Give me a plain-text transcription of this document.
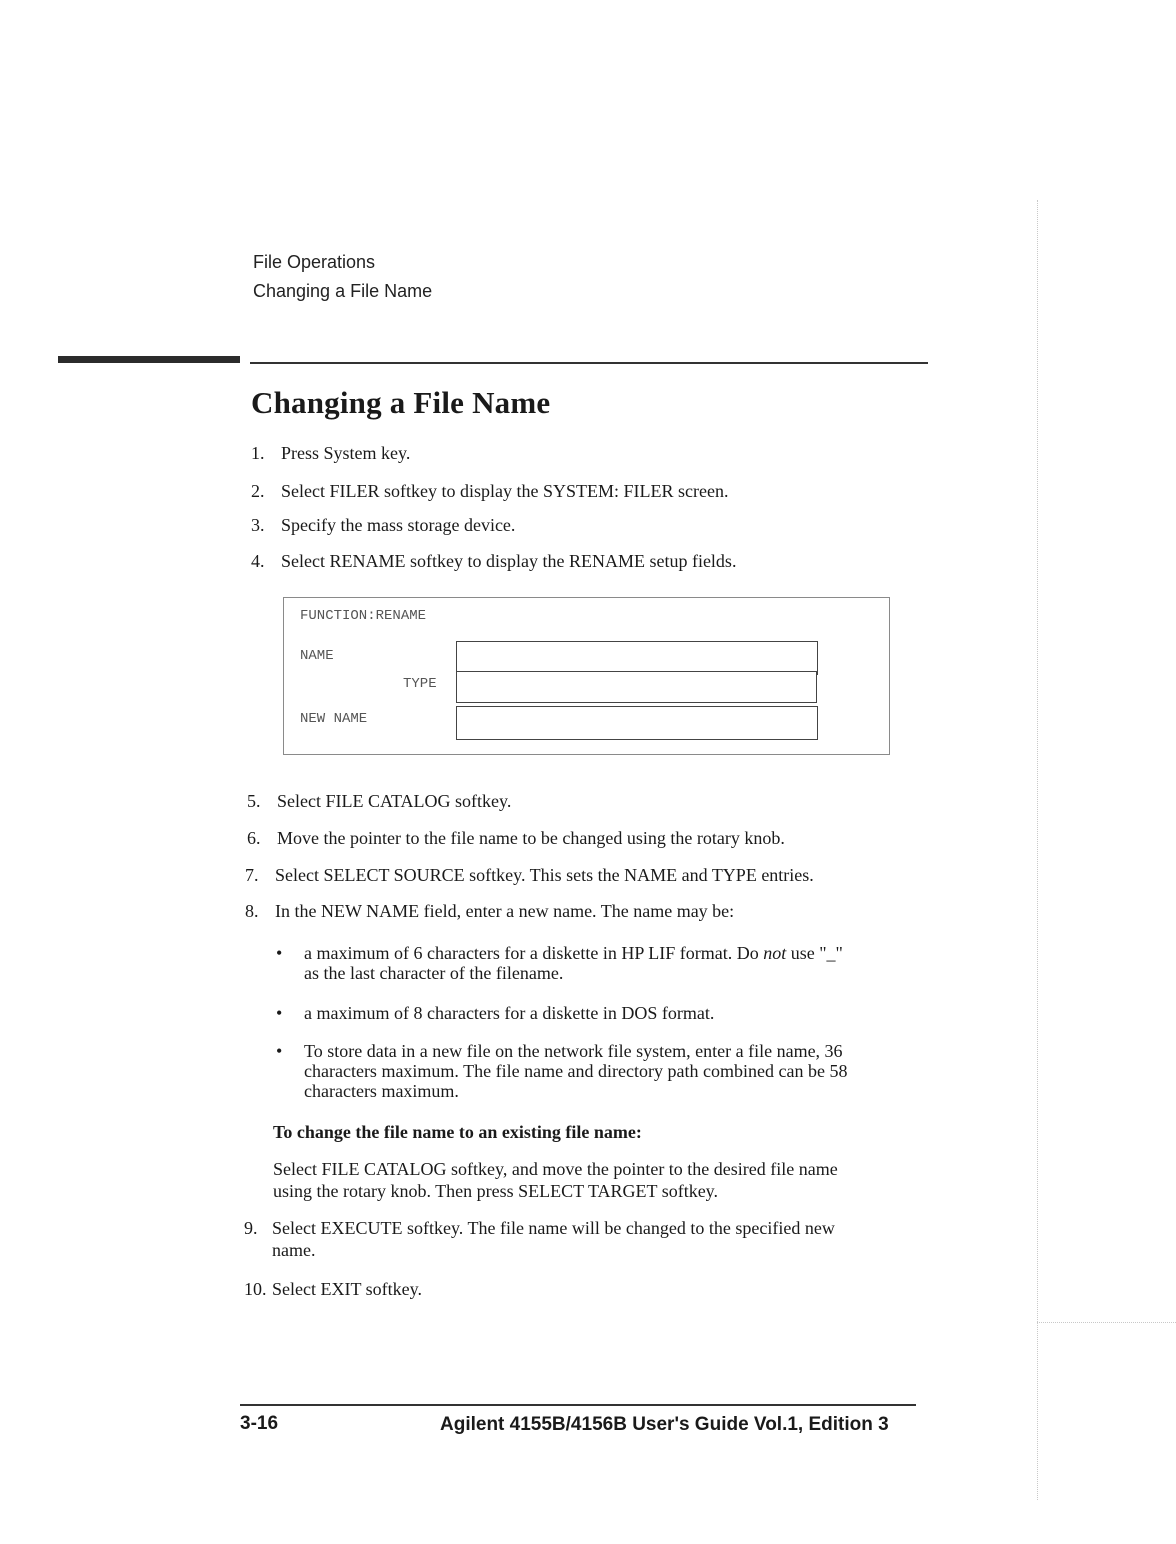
File Operations
Changing a File Name
Changing a File Name
1. Press System key.
2. Select FILER softkey to display the SYSTEM: FILER screen.
3. Specify the mass storage device.
4. Select RENAME softkey to display the RENAME setup fields.
FUNCTION:RENAME
NAME
TYPE
NEW NAME
5. Select FILE CATALOG softkey.
6. Move the pointer to the file name to be changed using the rotary knob.
7. Select SELECT SOURCE softkey. This sets the NAME and TYPE entries.
8. In the NEW NAME field, enter a new name. The name may be:
• a maximum of 6 characters for a diskette in HP LIF format. Do not use "_"
as the last character of the filename.
• a maximum of 8 characters for a diskette in DOS format.
• To store data in a new file on the network file system, enter a file name, 36
characters maximum. The file name and directory path combined can be 58
characters maximum.
To change the file name to an existing file name:
Select FILE CATALOG softkey, and move the pointer to the desired file name
using the rotary knob. Then press SELECT TARGET softkey.
9. Select EXECUTE softkey. The file name will be changed to the specified new
name.
10. Select EXIT softkey.
3-16	Agilent 4155B/4156B User's Guide Vol.1, Edition 3
